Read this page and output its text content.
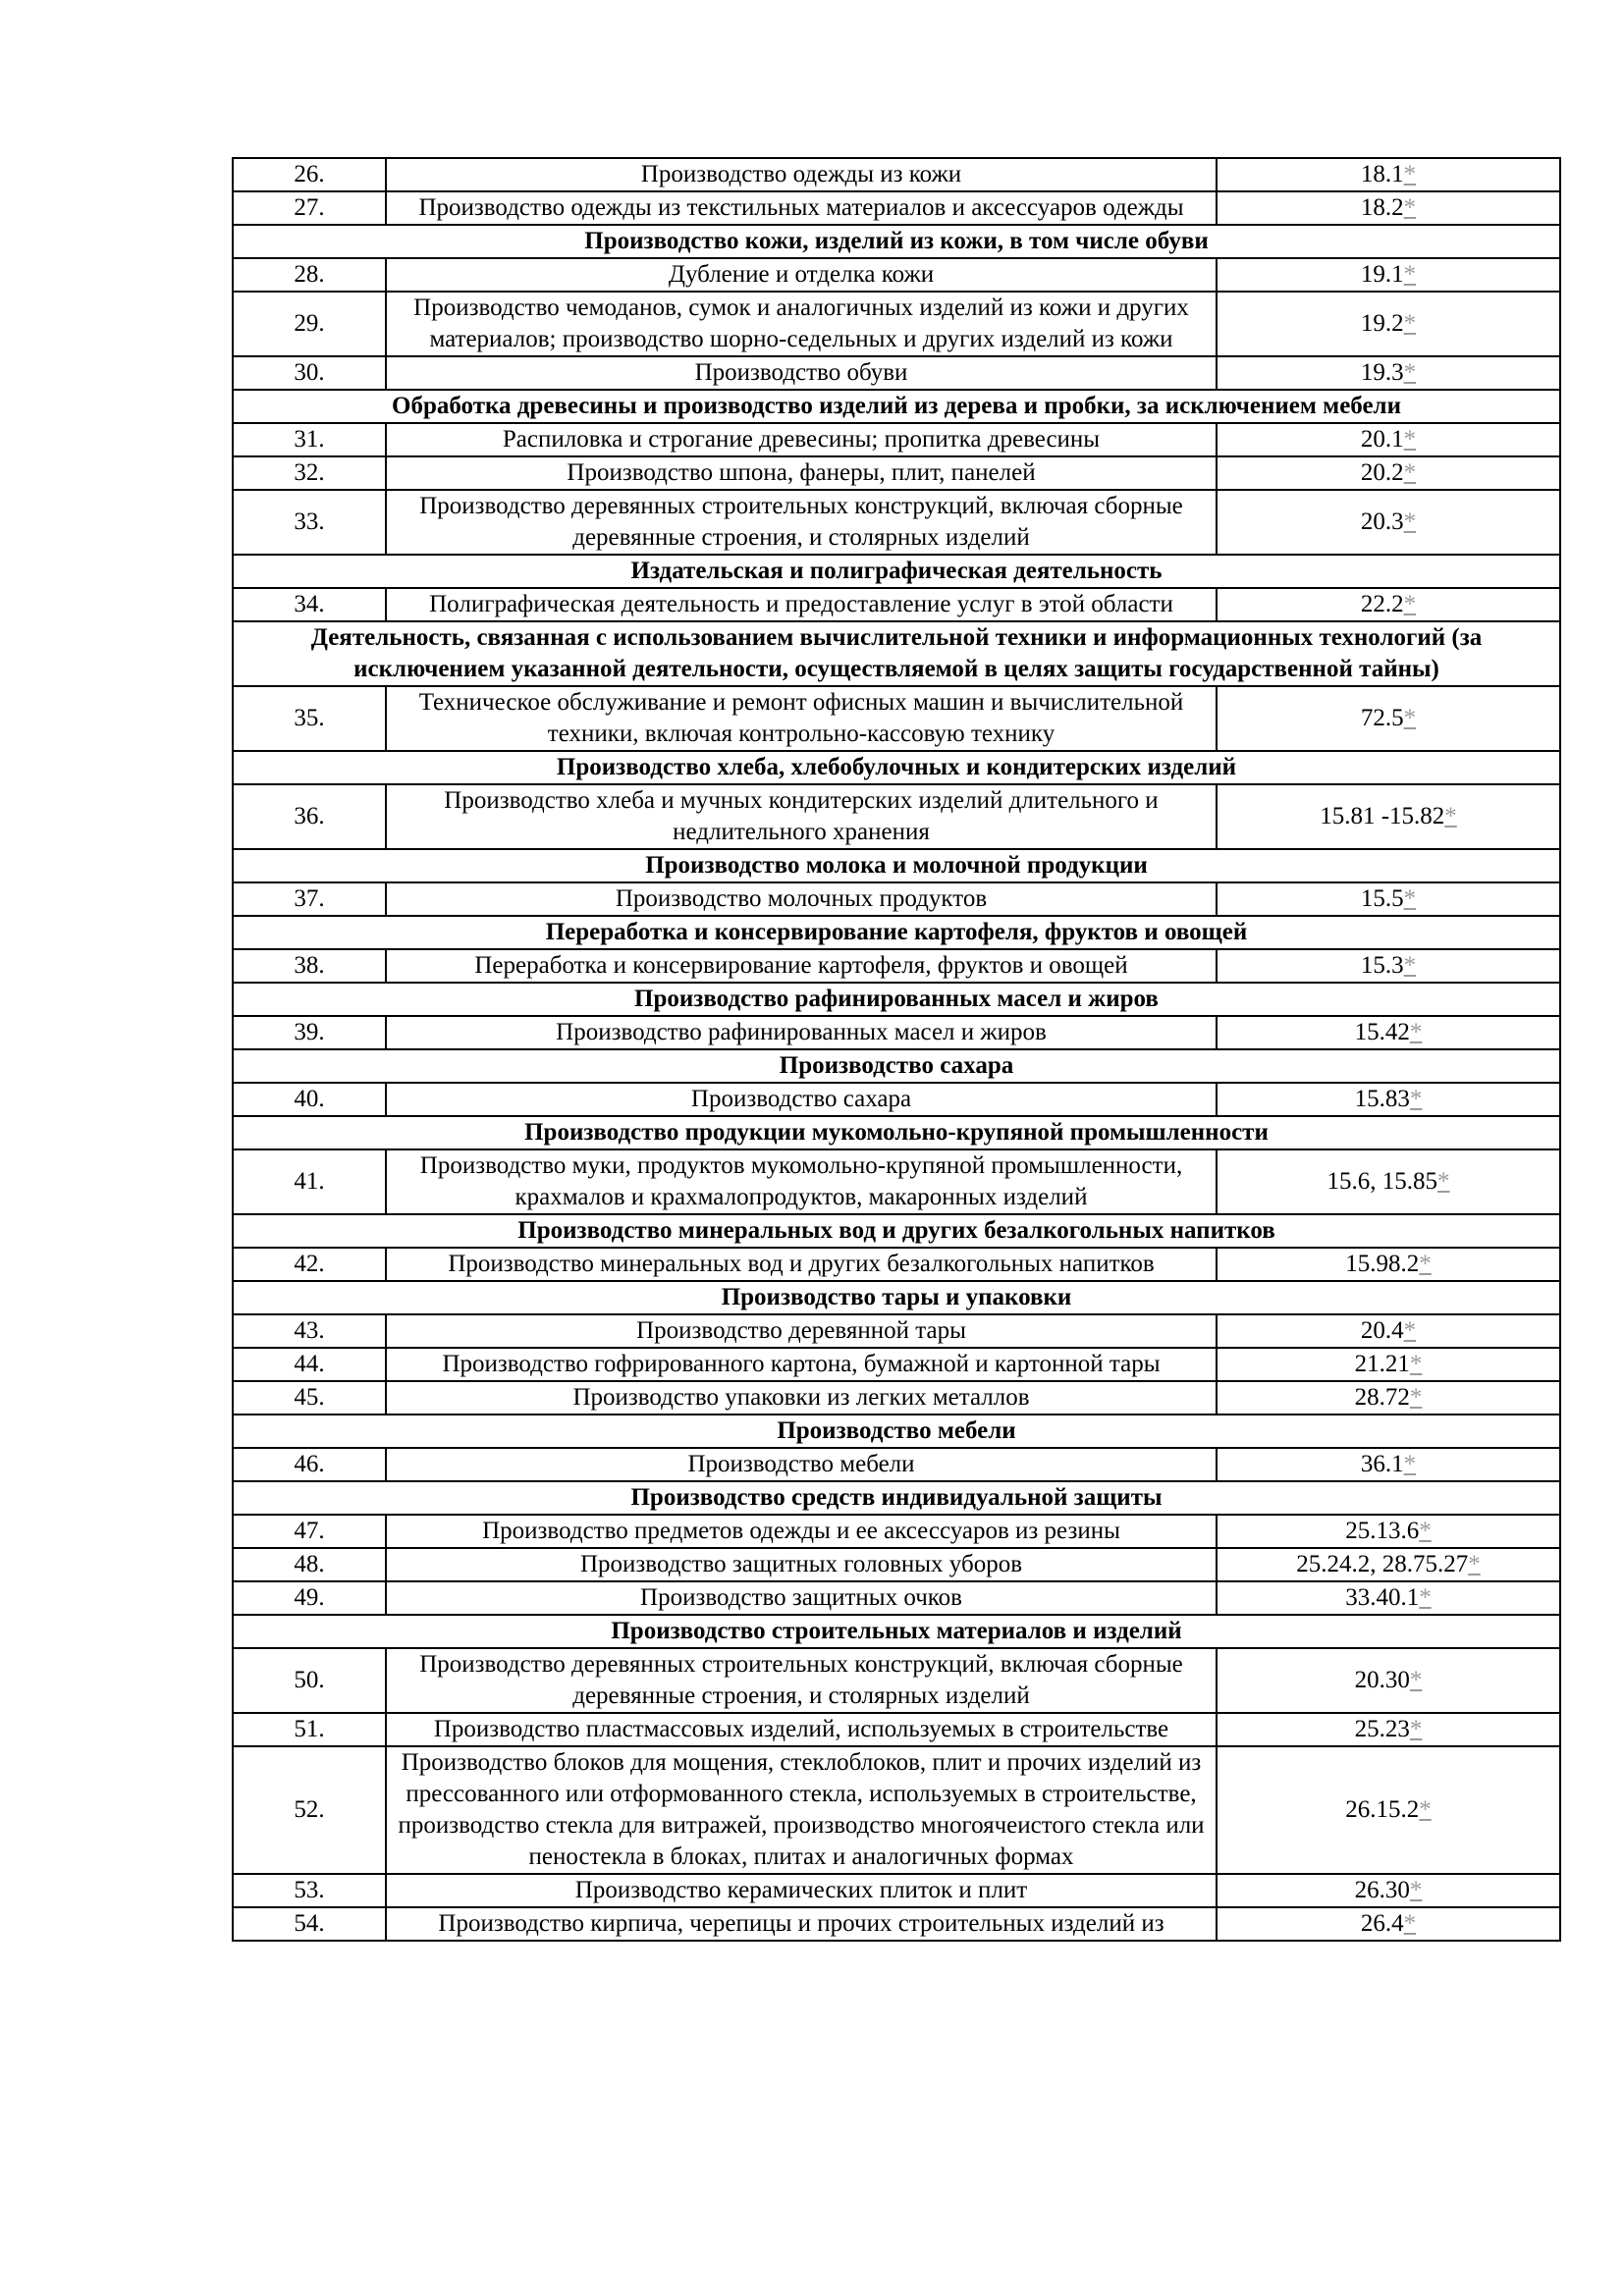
26.	Производство одежды из кожи	18.1*
27.	Производство одежды из текстильных материалов и аксессуаров одежды	18.2*
Производство кожи, изделий из кожи, в том числе обуви		
28.	Дубление и отделка кожи	19.1*
29.	Производство чемоданов, сумок и аналогичных изделий из кожи и других материалов; производство шорно-седельных и других изделий из кожи	19.2*
30.	Производство обуви	19.3*
Обработка древесины и производство изделий из дерева и пробки, за исключением мебели		
31.	Распиловка и строгание древесины; пропитка древесины	20.1*
32.	Производство шпона, фанеры, плит, панелей	20.2*
33.	Производство деревянных строительных конструкций, включая сборные деревянные строения, и столярных изделий	20.3*
Издательская и полиграфическая деятельность		
34.	Полиграфическая деятельность и предоставление услуг в этой области	22.2*
Деятельность, связанная с использованием вычислительной техники и информационных технологий (за исключением указанной деятельности, осуществляемой в целях защиты государственной тайны)		
35.	Техническое обслуживание и ремонт офисных машин и вычислительной техники, включая контрольно-кассовую технику	72.5*
Производство хлеба, хлебобулочных и кондитерских изделий		
36.	Производство хлеба и мучных кондитерских изделий длительного и недлительного хранения	15.81 -15.82*
Производство молока и молочной продукции		
37.	Производство молочных продуктов	15.5*
Переработка и консервирование картофеля, фруктов и овощей		
38.	Переработка и консервирование картофеля, фруктов и овощей	15.3*
Производство рафинированных масел и жиров		
39.	Производство рафинированных масел и жиров	15.42*
Производство сахара		
40.	Производство сахара	15.83*
Производство продукции мукомольно-крупяной промышленности		
41.	Производство муки, продуктов мукомольно-крупяной промышленности, крахмалов и крахмалопродуктов, макаронных изделий	15.6, 15.85*
Производство минеральных вод и других безалкогольных напитков		
42.	Производство минеральных вод и других безалкогольных напитков	15.98.2*
Производство тары и упаковки		
43.	Производство деревянной тары	20.4*
44.	Производство гофрированного картона, бумажной и картонной тары	21.21*
45.	Производство упаковки из легких металлов	28.72*
Производство мебели		
46.	Производство мебели	36.1*
Производство средств индивидуальной защиты		
47.	Производство предметов одежды и ее аксессуаров из резины	25.13.6*
48.	Производство защитных головных уборов	25.24.2, 28.75.27*
49.	Производство защитных очков	33.40.1*
Производство строительных материалов и изделий		
50.	Производство деревянных строительных конструкций, включая сборные деревянные строения, и столярных изделий	20.30*
51.	Производство пластмассовых изделий, используемых в строительстве	25.23*
52.	Производство блоков для мощения, стеклоблоков, плит и прочих изделий из прессованного или отформованного стекла, используемых в строительстве, производство стекла для витражей, производство многоячеистого стекла или пеностекла в блоках, плитах и аналогичных формах	26.15.2*
53.	Производство керамических плиток и плит	26.30*
54.	Производство кирпича, черепицы и прочих строительных изделий из	26.4*
